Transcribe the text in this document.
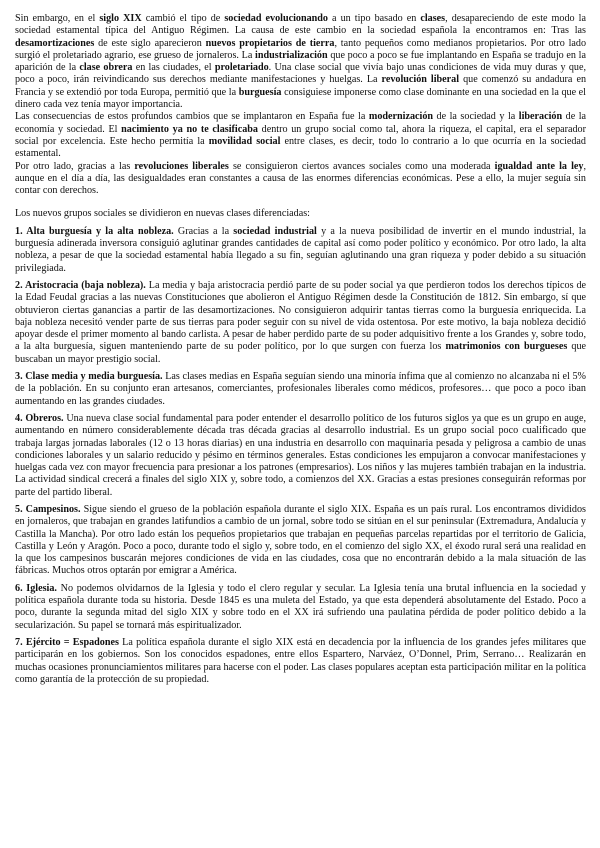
Sin embargo, en el siglo XIX cambió el tipo de sociedad evolucionando a un tipo basado en clases, desapareciendo de este modo la sociedad estamental típica del Antiguo Régimen. La causa de este cambio en la sociedad española la encontramos en: Tras las desamortizaciones de este siglo aparecieron nuevos propietarios de tierra, tanto pequeños como medianos propietarios. Por otro lado surgió el proletariado agrario, ese grueso de jornaleros. La industrialización que poco a poco se fue implantando en España se tradujo en la aparición de la clase obrera en las ciudades, el proletariado. Una clase social que vivía bajo unas condiciones de vida muy duras y que, poco a poco, irán reivindicando sus derechos mediante manifestaciones y huelgas. La revolución liberal que comenzó su andadura en Francia y se extendió por toda Europa, permitió que la burguesía consiguiese imponerse como clase dominante en una sociedad en la que el dinero cada vez tenía mayor importancia.

Las consecuencias de estos profundos cambios que se implantaron en España fue la modernización de la sociedad y la liberación de la economía y sociedad. El nacimiento ya no te clasificaba dentro un grupo social como tal, ahora la riqueza, el capital, era el separador social por excelencia. Este hecho permitía la movilidad social entre clases, es decir, todo lo contrario a lo que ocurría en la sociedad estamental.

Por otro lado, gracias a las revoluciones liberales se consiguieron ciertos avances sociales como una moderada igualdad ante la ley, aunque en el día a día, las desigualdades eran constantes a causa de las enormes diferencias económicas. Pese a ello, la mujer seguía sin contar con derechos.

Los nuevos grupos sociales se dividieron en nuevas clases diferenciadas:

1. Alta burguesía y la alta nobleza. Gracias a la sociedad industrial y a la nueva posibilidad de invertir en el mundo industrial, la burguesía adinerada inversora consiguió aglutinar grandes cantidades de capital así como poder político y económico. Por otro lado, la alta nobleza, a pesar de que la sociedad estamental había llegado a su fin, seguían aglutinando una gran riqueza y poder debido a su situación privilegiada.

2. Aristocracia (baja nobleza). La media y baja aristocracia perdió parte de su poder social ya que perdieron todos los derechos típicos de la Edad Feudal gracias a las nuevas Constituciones que abolieron el Antiguo Régimen desde la Constitución de 1812. Sin embargo, sí que obtuvieron ciertas ganancias a partir de las desamortizaciones. No consiguieron adquirir tantas tierras como la burguesía enriquecida. La baja nobleza necesitó vender parte de sus tierras para poder seguir con su nivel de vida ostentosa. Por este motivo, la baja nobleza decidió apoyar desde el primer momento al bando carlista. A pesar de haber perdido parte de su poder adquisitivo frente a los Grandes y, sobre todo, a la alta burguesía, siguen manteniendo parte de su poder político, por lo que surgen con fuerza los matrimonios con burgueses que buscaban un mayor prestigio social.

3. Clase media y media burguesía. Las clases medias en España seguían siendo una minoría ínfima que al comienzo no alcanzaba ni el 5% de la población. En su conjunto eran artesanos, comerciantes, profesionales liberales como médicos, profesores… que poco a poco iban aumentando en las grandes ciudades.

4. Obreros. Una nueva clase social fundamental para poder entender el desarrollo político de los futuros siglos ya que es un grupo en auge, aumentando en número considerablemente década tras década gracias al desarrollo industrial. Es un grupo social poco cualificado que trabaja largas jornadas laborales (12 o 13 horas diarias) en una industria en desarrollo con maquinaria pesada y peligrosa a cambio de unas condiciones laborales y un salario reducido y pésimo en términos generales. Estas condiciones les empujaron a convocar manifestaciones y huelgas cada vez con mayor frecuencia para presionar a los patrones (empresarios). Los niños y las mujeres también trabajan en la industria. La actividad sindical crecerá a finales del siglo XIX y, sobre todo, a comienzos del XX. Gracias a estas presiones conseguirán reformas por parte del partido liberal.

5. Campesinos. Sigue siendo el grueso de la población española durante el siglo XIX. España es un país rural. Los encontramos divididos en jornaleros, que trabajan en grandes latifundios a cambio de un jornal, sobre todo se sitúan en el sur peninsular (Extremadura, Andalucía y Castilla la Mancha). Por otro lado están los pequeños propietarios que trabajan en pequeñas parcelas repartidas por el territorio de Galicia, Castilla y León y Aragón. Poco a poco, durante todo el siglo y, sobre todo, en el comienzo del siglo XX, el éxodo rural será una realidad en la que los campesinos buscarán mejores condiciones de vida en las ciudades, cosa que no encontrarán debido a la mala situación de las fábricas. Muchos otros optarán por emigrar a América.

6. Iglesia. No podemos olvidarnos de la Iglesia y todo el clero regular y secular. La Iglesia tenía una brutal influencia en la sociedad y política española durante toda su historia. Desde 1845 es una muleta del Estado, ya que esta dependerá absolutamente del Estado. Poco a poco, durante la segunda mitad del siglo XIX y sobre todo en el XX irá sufriendo una paulatina pérdida de poder político debido a la secularización. Su papel se tornará más espiritualizador.

7. Ejército = Espadones La política española durante el siglo XIX está en decadencia por la influencia de los grandes jefes militares que participarán en los gobiernos. Son los conocidos espadones, entre ellos Espartero, Narváez, O’Donnel, Prim, Serrano… Realizarán en muchas ocasiones pronunciamientos militares para hacerse con el poder. Las clases populares aceptan esta participación militar en la política como garantía de la protección de su propiedad.
